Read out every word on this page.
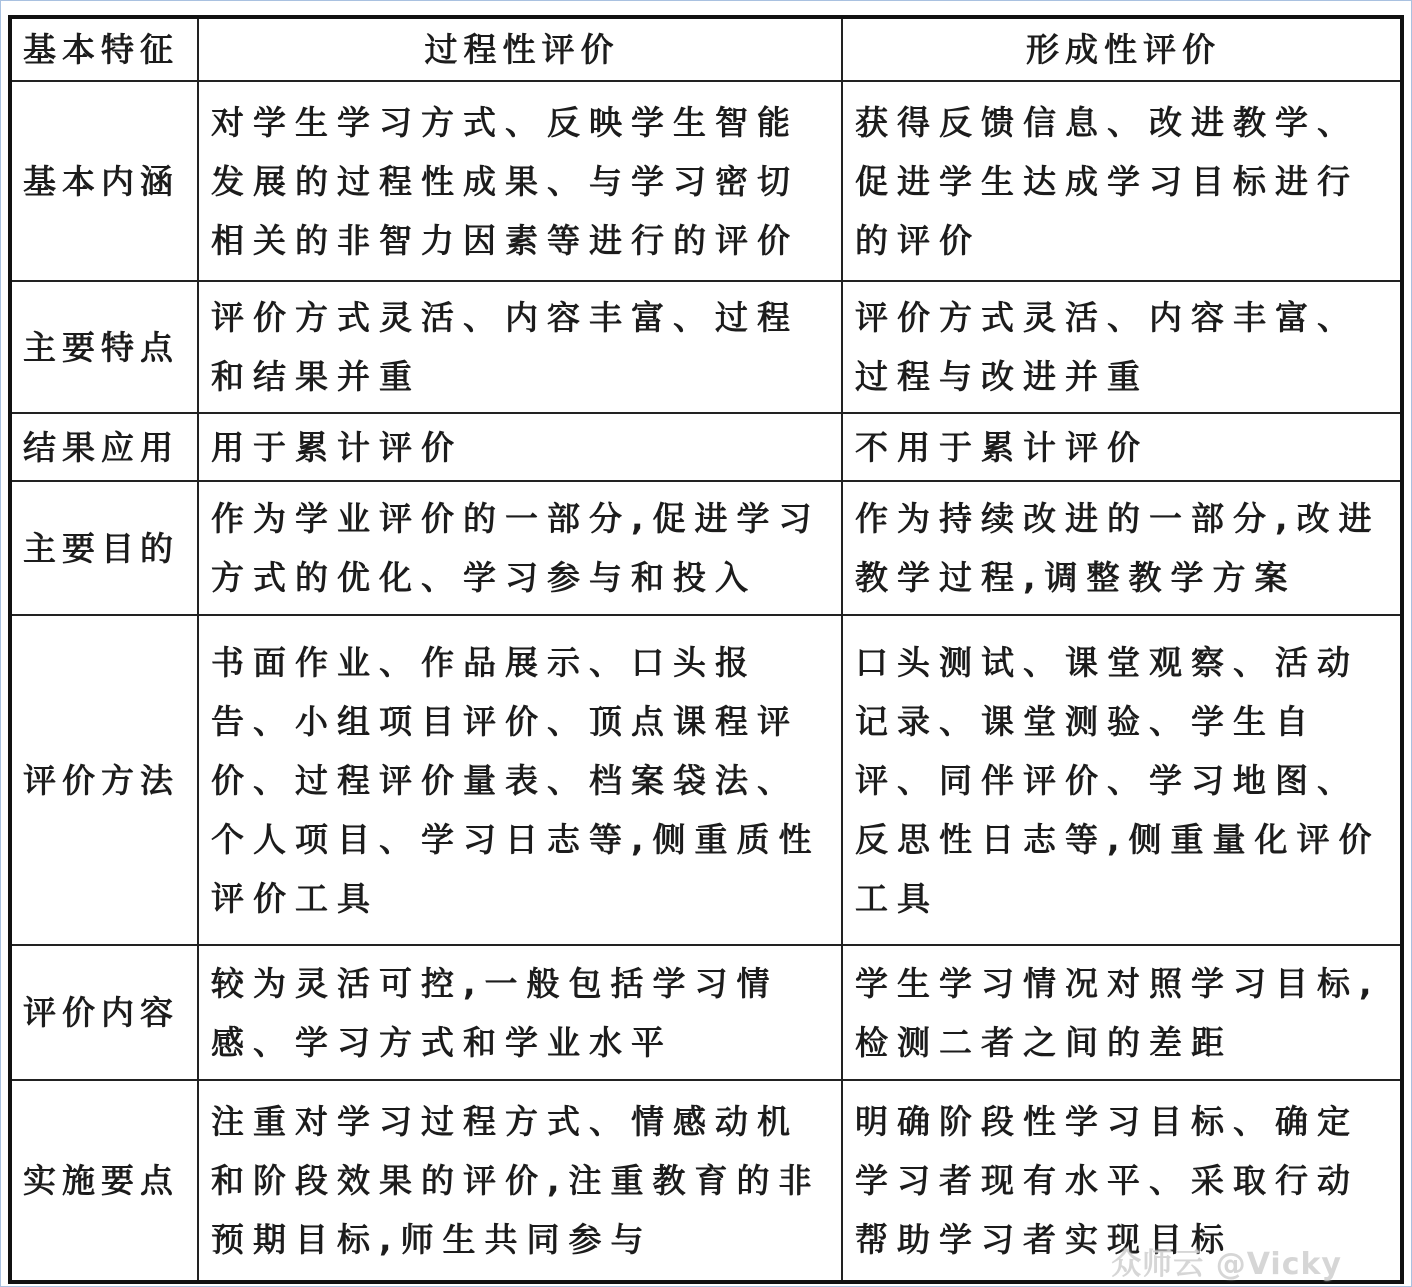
基本特征	过程性评价	形成性评价
基本内涵	对学生学习方式、反映学生智能发展的过程性成果、与学习密切相关的非智力因素等进行的评价	获得反馈信息、改进教学、促进学生达成学习目标进行的评价
主要特点	评价方式灵活、内容丰富、过程和结果并重	评价方式灵活、内容丰富、过程与改进并重
结果应用	用于累计评价	不用于累计评价
主要目的	作为学业评价的一部分,促进学习方式的优化、学习参与和投入	作为持续改进的一部分,改进教学过程,调整教学方案
评价方法	书面作业、作品展示、口头报告、小组项目评价、顶点课程评价、过程评价量表、档案袋法、个人项目、学习日志等,侧重质性评价工具	口头测试、课堂观察、活动记录、课堂测验、学生自评、同伴评价、学习地图、反思性日志等,侧重量化评价工具
评价内容	较为灵活可控,一般包括学习情感、学习方式和学业水平	学生学习情况对照学习目标,检测二者之间的差距
实施要点	注重对学习过程方式、情感动机和阶段效果的评价,注重教育的非预期目标,师生共同参与	明确阶段性学习目标、确定学习者现有水平、采取行动帮助学习者实现目标
众师云 @Vicky
